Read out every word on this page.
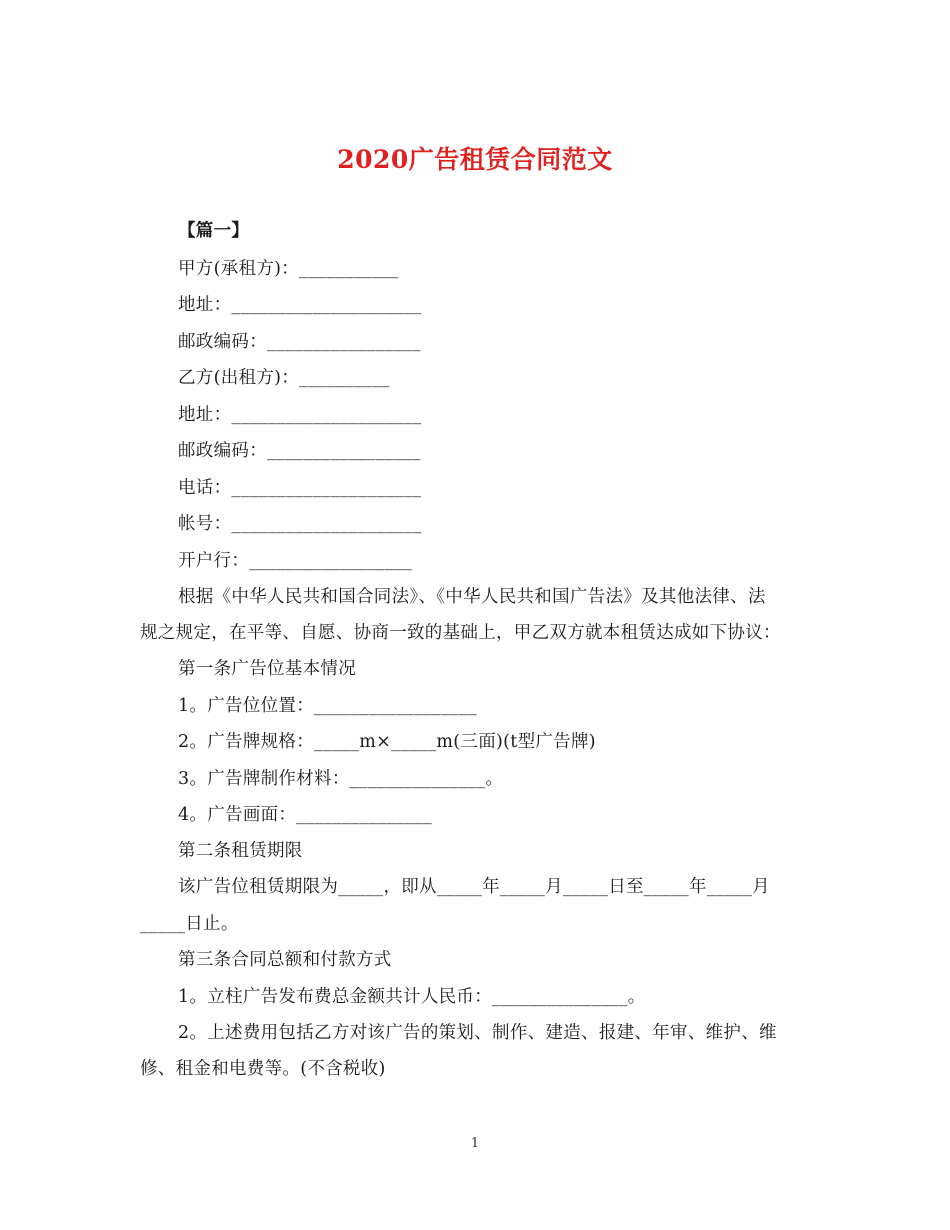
2020广告租赁合同范文
【篇一】
甲方(承租方)：___________
地址：_____________________
邮政编码：_________________
乙方(出租方)：__________
地址：_____________________
邮政编码：_________________
电话：_____________________
帐号：_____________________
开户行：__________________
根据《中华人民共和国合同法》、《中华人民共和国广告法》及其他法律、法
规之规定，在平等、自愿、协商一致的基础上，甲乙双方就本租赁达成如下协议：
第一条广告位基本情况
1。广告位位置：__________________
2。广告牌规格：_____m×_____m(三面)(t型广告牌)
3。广告牌制作材料：_______________。
4。广告画面：_______________
第二条租赁期限
该广告位租赁期限为_____，即从_____年_____月_____日至_____年_____月
_____日止。
第三条合同总额和付款方式
1。立柱广告发布费总金额共计人民币：_______________。
2。上述费用包括乙方对该广告的策划、制作、建造、报建、年审、维护、维
修、租金和电费等。(不含税收)
1
